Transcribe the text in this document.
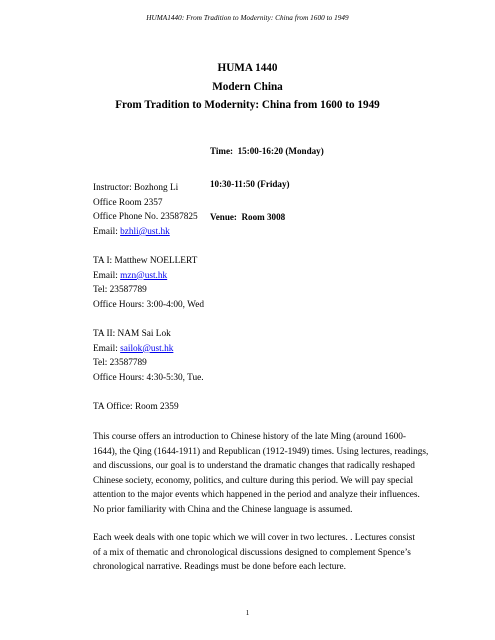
HUMA1440: From Tradition to Modernity: China from 1600 to 1949
HUMA 1440
Modern China
From Tradition to Modernity: China from 1600 to 1949

Time:  15:00-16:20 (Monday)

10:30-11:50 (Friday)

Venue:  Room 3008

Instructor: Bozhong Li
Office Room 2357
Office Phone No. 23587825
Email: bzhli@ust.hk
TA I: Matthew NOELLERT
Email: mzn@ust.hk
Tel: 23587789
Office Hours: 3:00-4:00, Wed
TA II: NAM Sai Lok
Email: sailok@ust.hk
Tel: 23587789
Office Hours: 4:30-5:30, Tue.
TA Office: Room 2359
This course offers an introduction to Chinese history of the late Ming (around 1600-
1644), the Qing (1644-1911) and Republican (1912-1949) times. Using lectures, readings,
and discussions, our goal is to understand the dramatic changes that radically reshaped
Chinese society, economy, politics, and culture during this period. We will pay special
attention to the major events which happened in the period and analyze their influences.
No prior familiarity with China and the Chinese language is assumed.
Each week deals with one topic which we will cover in two lectures. . Lectures consist
of a mix of thematic and chronological discussions designed to complement Spence’s
chronological narrative. Readings must be done before each lecture.
1
